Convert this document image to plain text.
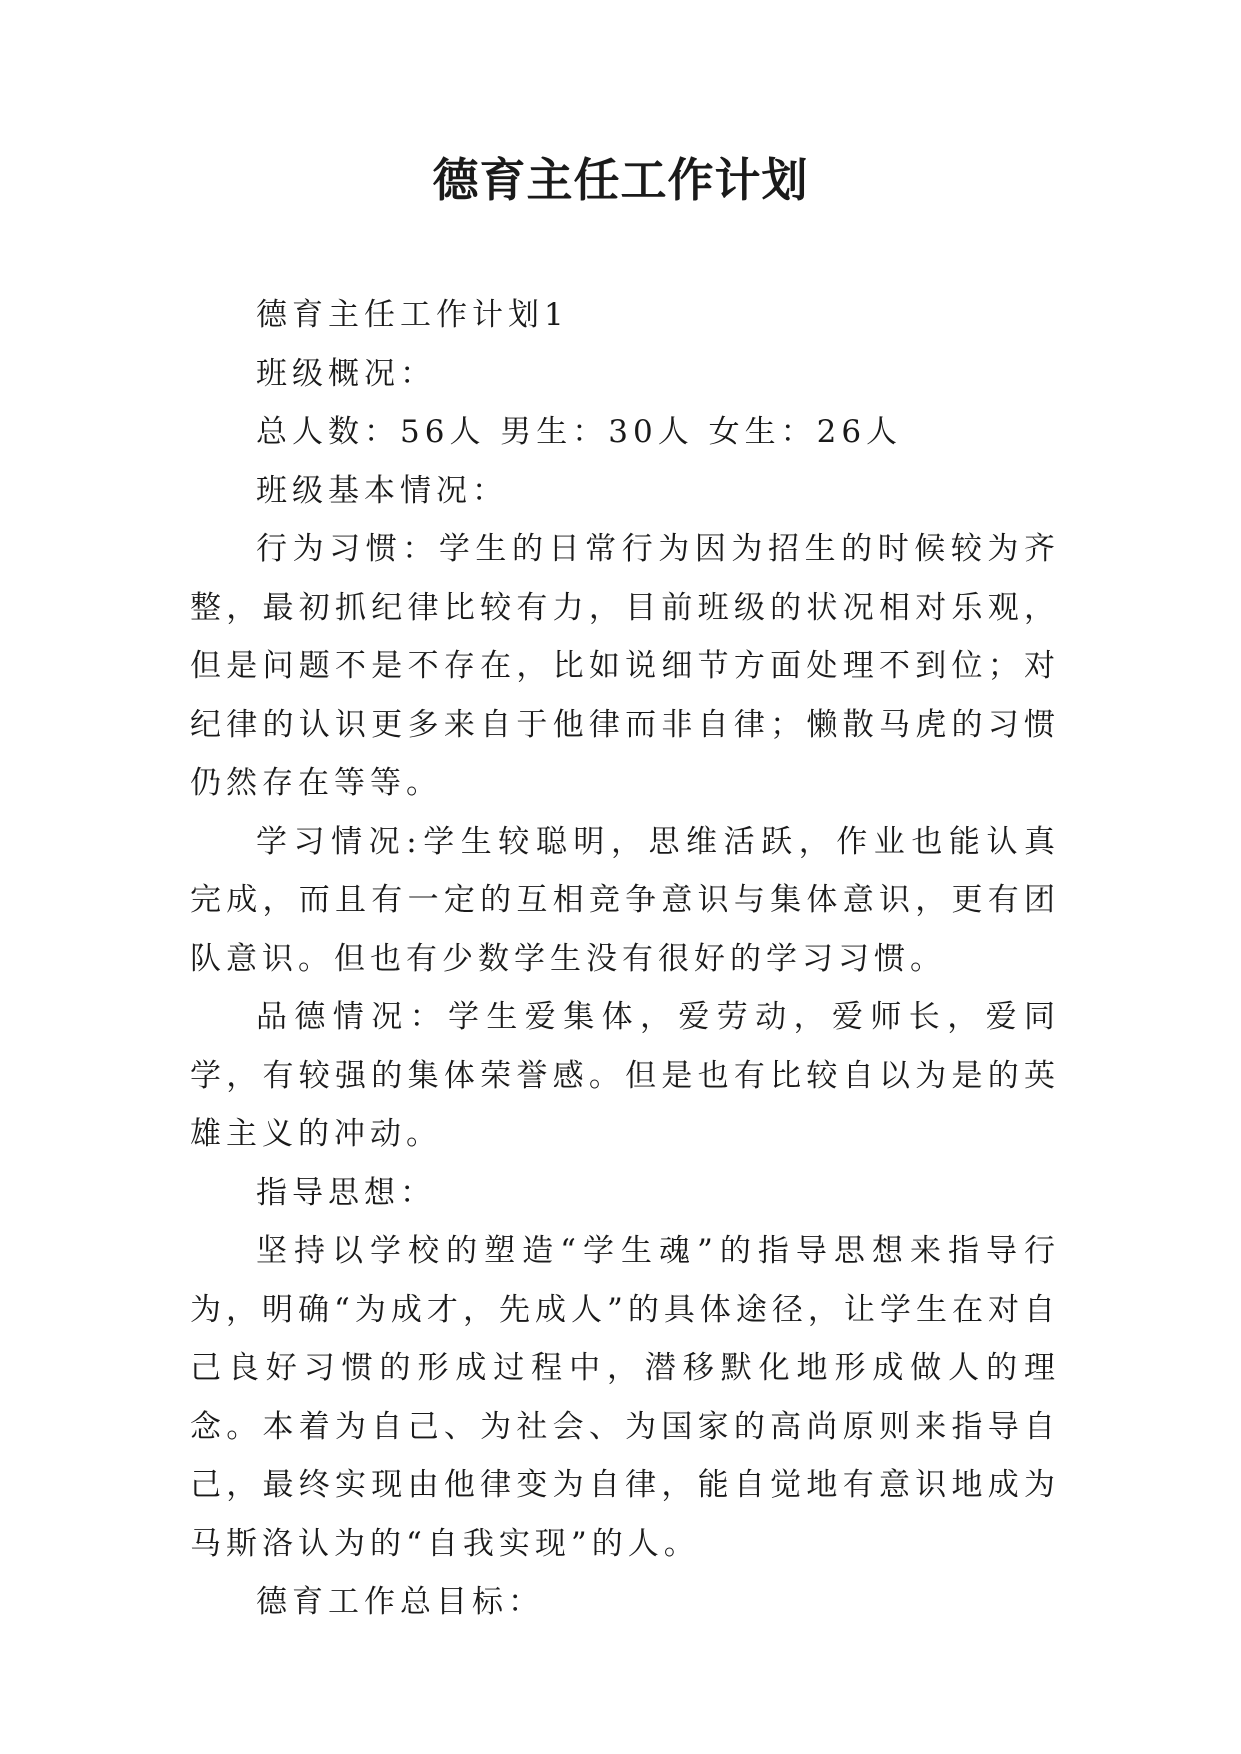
德育主任工作计划

德育主任工作计划1

班级概况：

总人数：56人 男生：30人 女生：26人

班级基本情况：

行为习惯：学生的日常行为因为招生的时候较为齐整，最初抓纪律比较有力，目前班级的状况相对乐观，但是问题不是不存在，比如说细节方面处理不到位；对纪律的认识更多来自于他律而非自律；懒散马虎的习惯仍然存在等等。

学习情况:学生较聪明，思维活跃，作业也能认真完成，而且有一定的互相竞争意识与集体意识，更有团队意识。但也有少数学生没有很好的学习习惯。

品德情况：学生爱集体，爱劳动，爱师长，爱同学，有较强的集体荣誉感。但是也有比较自以为是的英雄主义的冲动。

指导思想：

坚持以学校的塑造“学生魂”的指导思想来指导行为，明确“为成才，先成人”的具体途径，让学生在对自己良好习惯的形成过程中，潜移默化地形成做人的理念。本着为自己、为社会、为国家的高尚原则来指导自己，最终实现由他律变为自律，能自觉地有意识地成为马斯洛认为的“自我实现”的人。

德育工作总目标：
